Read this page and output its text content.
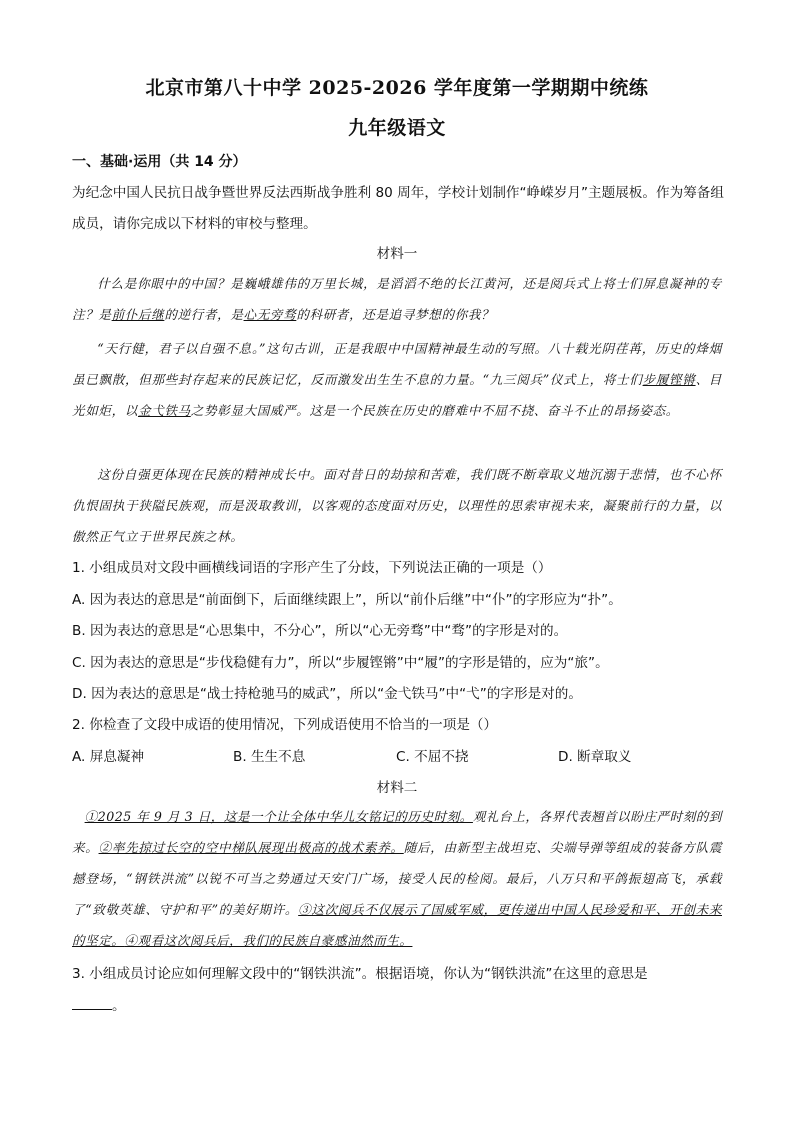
北京市第八十中学 2025-2026 学年度第一学期期中统练
九年级语文
一、基础·运用（共 14 分）
为纪念中国人民抗日战争暨世界反法西斯战争胜利 80 周年，学校计划制作“峥嵘岁月”主题展板。作为筹备组成员，请你完成以下材料的审校与整理。
材料一
什么是你眼中的中国？是巍峨雄伟的万里长城，是滔滔不绝的长江黄河，还是阅兵式上将士们屏息凝神的专注？是前仆后继的逆行者，是心无旁骛的科研者，还是追寻梦想的你我？
“天行健，君子以自强不息。”这句古训，正是我眼中中国精神最生动的写照。八十载光阴荏苒，历史的烽烟虽已飘散，但那些封存起来的民族记忆，反而激发出生生不息的力量。“九三阅兵”仪式上，将士们步履铿锵、目光如炬，以金弋铁马之势彰显大国威严。这是一个民族在历史的磨难中不屈不挠、奋斗不止的昂扬姿态。
这份自强更体现在民族的精神成长中。面对昔日的劫掠和苦难，我们既不断章取义地沉溺于悲情，也不心怀仇恨固执于狭隘民族观，而是汲取教训，以客观的态度面对历史，以理性的思索审视未来，凝聚前行的力量，以傲然正气立于世界民族之林。
1. 小组成员对文段中画横线词语的字形产生了分歧，下列说法正确的一项是（）
A. 因为表达的意思是“前面倒下，后面继续跟上”，所以“前仆后继”中“仆”的字形应为“扑”。
B. 因为表达的意思是“心思集中，不分心”，所以“心无旁骛”中“骛”的字形是对的。
C. 因为表达的意思是“步伐稳健有力”，所以“步履铿锵”中“履”的字形是错的，应为“旅”。
D. 因为表达的意思是“战士持枪驰马的威武”，所以“金弋铁马”中“弋”的字形是对的。
2. 你检查了文段中成语的使用情况，下列成语使用不恰当的一项是（）
A. 屏息凝神	B. 生生不息	C. 不屈不挠	D. 断章取义
材料二
①2025 年 9 月 3 日，这是一个让全体中华儿女铭记的历史时刻。观礼台上，各界代表翘首以盼庄严时刻的到来。②率先掠过长空的空中梯队展现出极高的战术素养。随后，由新型主战坦克、尖端导弹等组成的装备方队震撼登场，“钢铁洪流”以锐不可当之势通过天安门广场，接受人民的检阅。最后，八万只和平鸽振翅高飞，承载了“致敬英雄、守护和平”的美好期许。③这次阅兵不仅展示了国威军威，更传递出中国人民珍爱和平、开创未来的坚定。④观看这次阅兵后，我们的民族自豪感油然而生。
3. 小组成员讨论应如何理解文段中的“钢铁洪流”。根据语境，你认为“钢铁洪流”在这里的意思是
。
